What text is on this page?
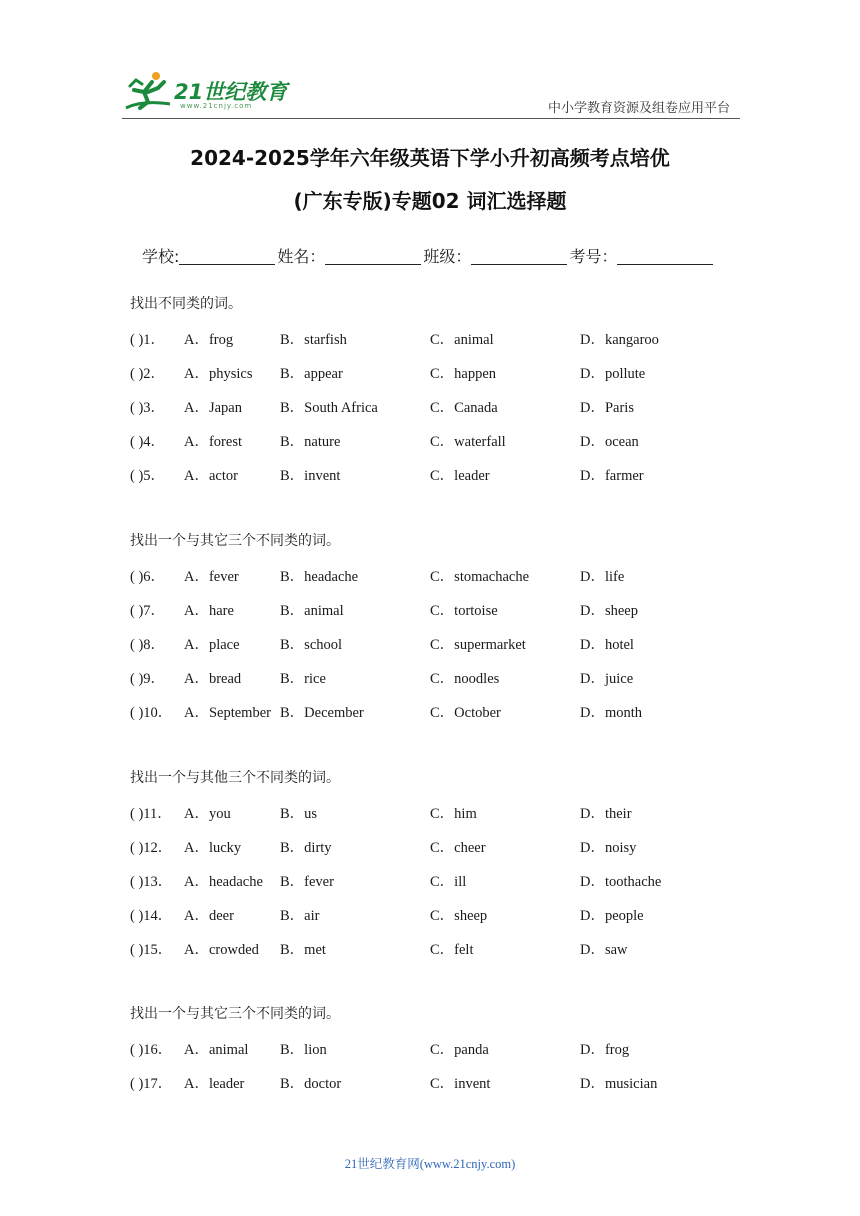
21世纪教育
www.21cnjy.com	中小学教育资源及组卷应用平台
2024-2025学年六年级英语下学小升初高频考点培优
(广东专版)专题02 词汇选择题
学校:	姓名：	班级：	考号：
找出不同类的词。
( )1． A．frog	B．starfish	C．animal	D．kangaroo
( )2． A．physics B．appear	C．happen	D．pollute
( )3． A．Japan	B．South Africa	C．Canada	D．Paris
( )4． A．forest	B．nature	C．waterfall	D．ocean
( )5． A．actor	B．invent	C．leader	D．farmer
找出一个与其它三个不同类的词。
( )6． A．fever	B．headache	C．stomachache	D．life
( )7． A．hare	B．animal	C．tortoise	D．sheep
( )8． A．place	B．school	C．supermarket	D．hotel
( )9． A．bread	B．rice	C．noodles	D．juice
( )10． A．September B．December	C．October	D．month
找出一个与其他三个不同类的词。
( )11． A．you	B．us	C．him	D．their
( )12． A．lucky	B．dirty	C．cheer	D．noisy
( )13． A．headache B．fever	C．ill	D．toothache
( )14． A．deer	B．air	C．sheep	D．people
( )15． A．crowded B．met	C．felt	D．saw
找出一个与其它三个不同类的词。
( )16． A．animal B．lion	C．panda	D．frog
( )17． A．leader B．doctor	C．invent	D．musician
21世纪教育网(www.21cnjy.com)
